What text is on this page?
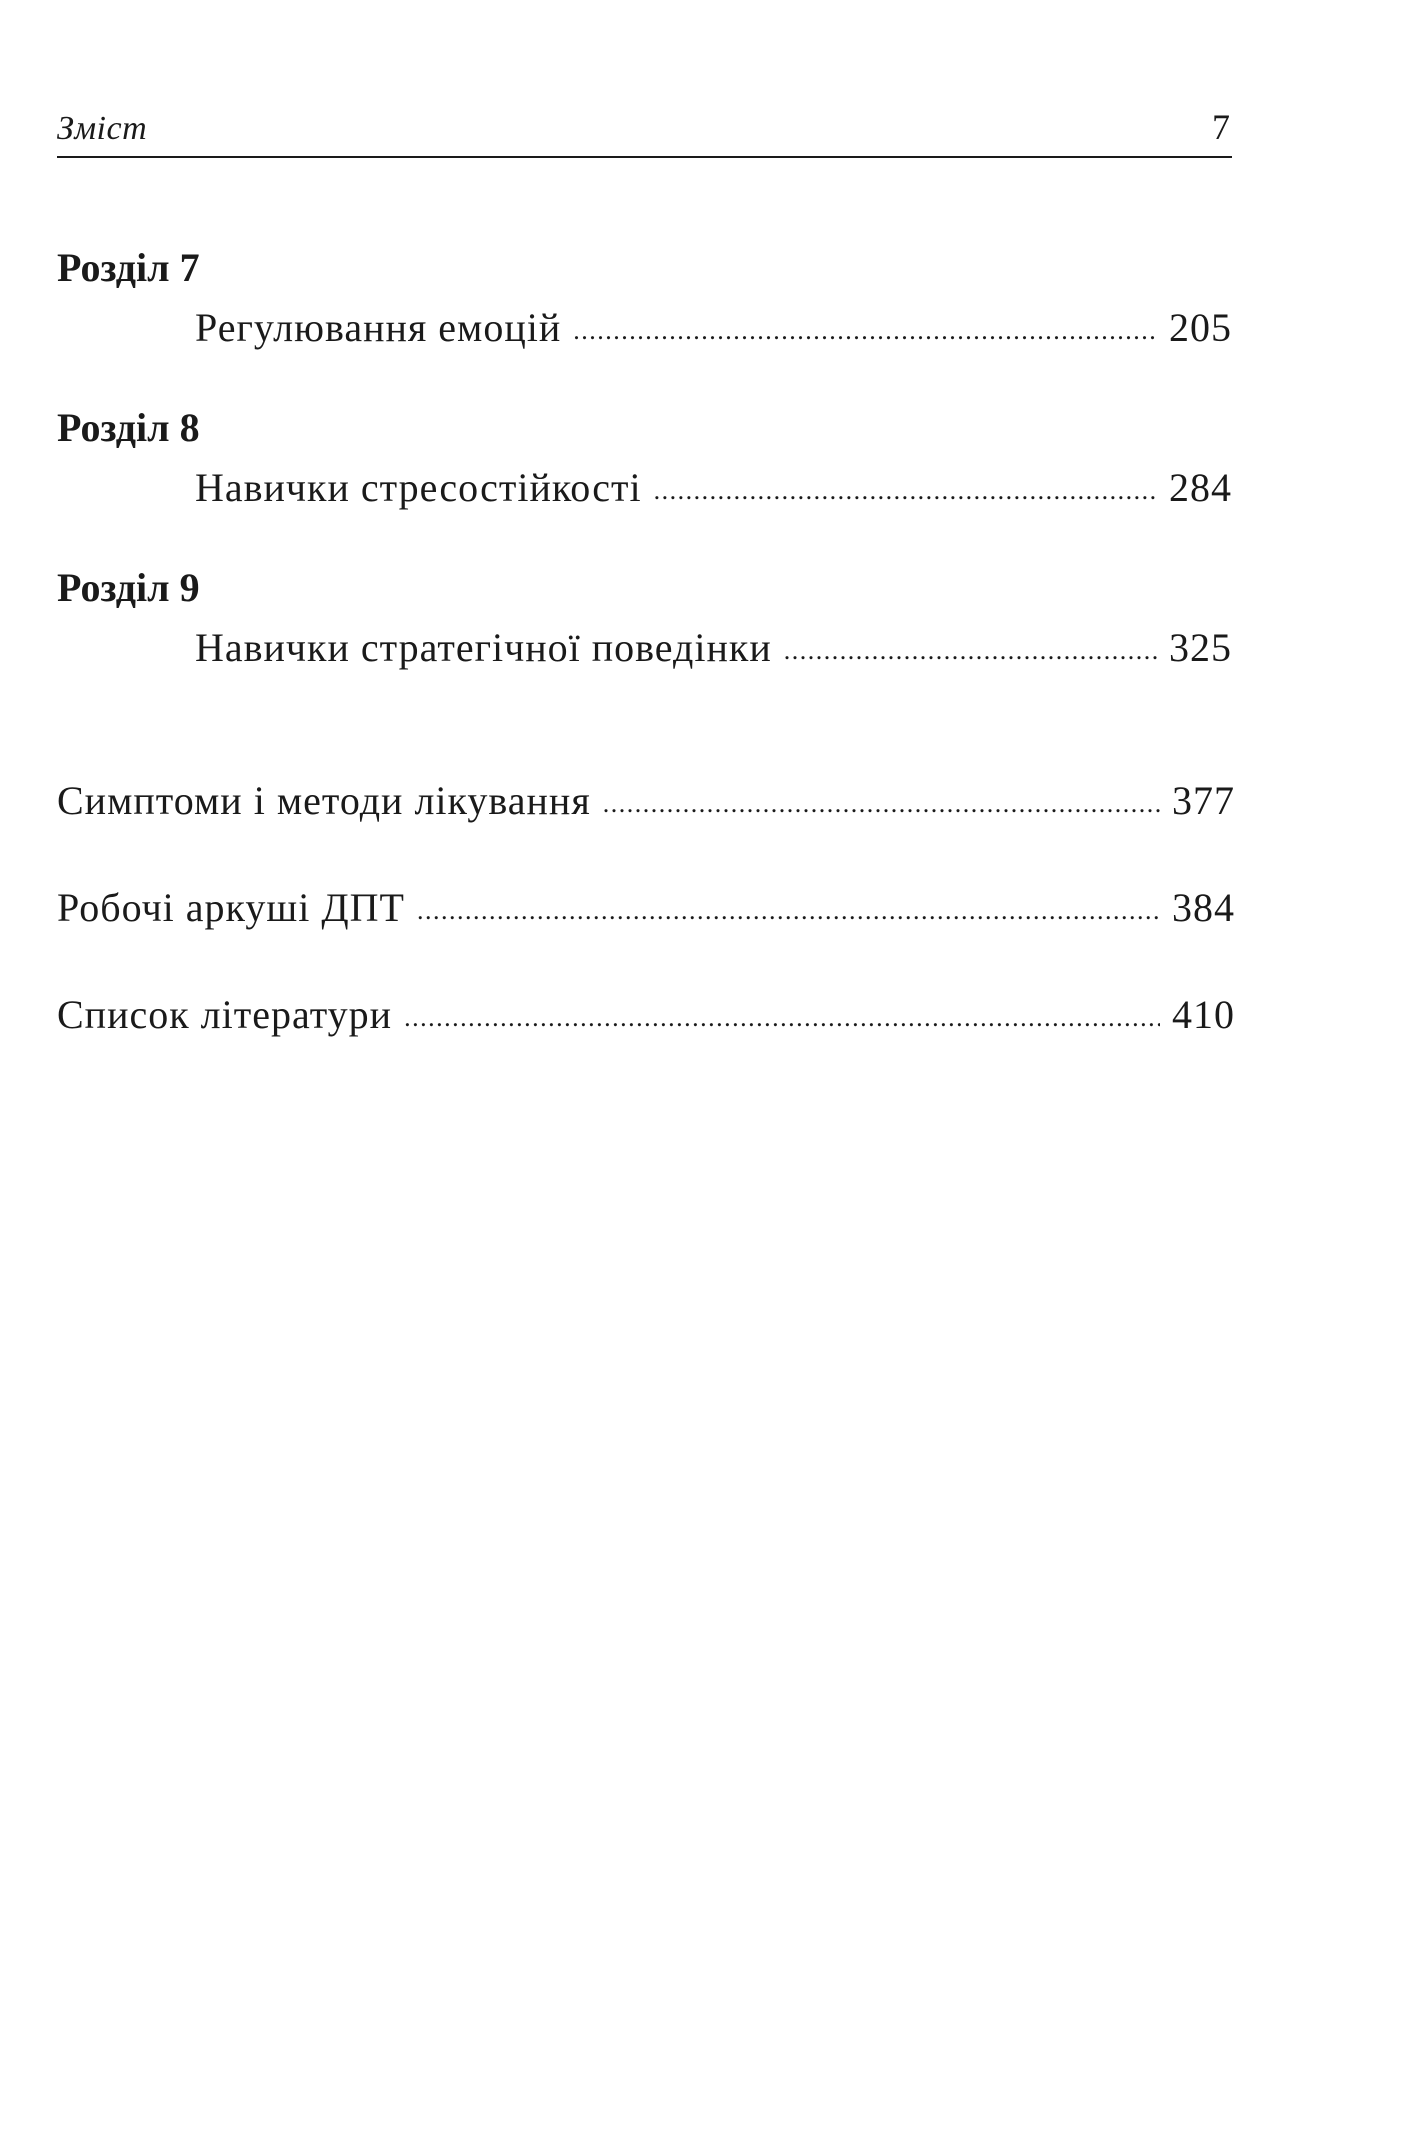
Зміст	7
Розділ 7
Регулювання емоцій .....	205
Розділ 8
Навички стресостійкості .....	284
Розділ 9
Навички стратегічної поведінки .....	325
Симптоми і методи лікування .....	377
Робочі аркуші ДПТ .....	384
Список літератури .....	410
